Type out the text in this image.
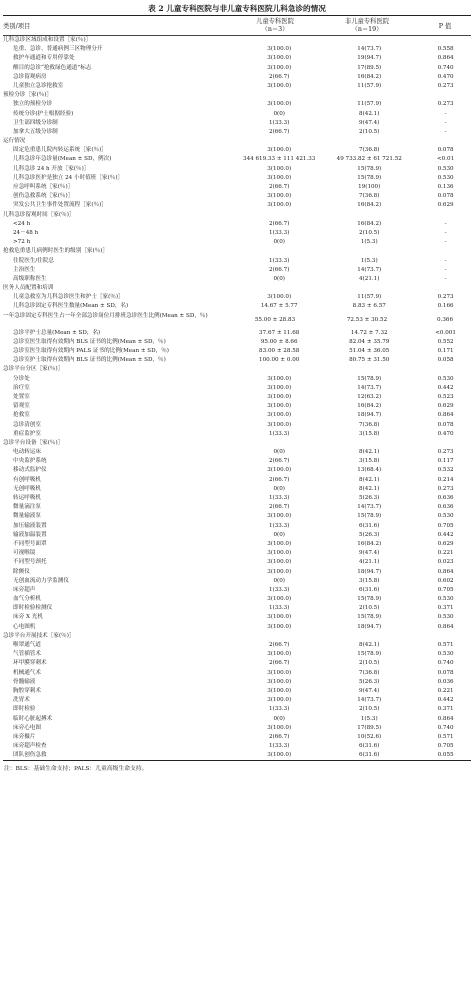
表 2 儿童专科医院与非儿童专科医院儿科急诊的情况
类别/项目
儿童专科医院
（n＝3）
非儿童专科医院
（n＝19）	P 值
儿科急诊区域组成和设置［家(％)］
危重、急诊、普通病例三区物理分开	3(100.0)	14(73.7)	0.558
救护车通道和专用停靠处	3(100.0)	19(94.7)	0.864
醒目的急诊“抢救绿色通道”标志	3(100.0)	17(89.5)	0.740
急诊留观病房	2(66.7)	16(84.2)	0.470
儿童独立急诊抢救室	3(100.0)	11(57.9)	0.273
预检分诊［家(％)］
独立的预检分诊	3(100.0)	11(57.9)	0.273
传统分诊(护士根据经验)	0(0)	8(42.1)	-
卫生部四级分诊制	1(33.3)	9(47.4)	-
加拿大五级分诊制	2(66.7)	2(10.5)	-
运行情况
固定危重患儿院内转运系统［家(％)］	3(100.0)	7(36.8)	0.078
儿科急诊年急诊量(Mean ± SD，例次)	344 619.33 ± 111 421.33	49 733.82 ± 61 721.52	<0.01
儿科急诊 24 h 开放［家(％)］	3(100.0)	15(78.9)	0.530
儿科急诊医护是独立 24 小时值班［家(％)］	3(100.0)	15(78.9)	0.530
应急呼叫系统［家(％)］	2(66.7)	19(100)	0.136
创伤急救系统［家(％)］	3(100.0)	7(36.8)	0.078
突发公共卫生事件处置流程［家(％)］	3(100.0)	16(84.2)	0.629
儿科急诊留观时间［家(％)］
<24 h	2(66.7)	16(84.2)	-
24－48 h	1(33.3)	2(10.5)	-
>72 h	0(0)	1(5.3)	-
抢救危重患儿病例时医生的级别［家(％)］
住院医生/住院总	1(33.3)	1(5.3)	-
主治医生	2(66.7)	14(73.7)	-
高级职称医生	0(0)	4(21.1)	-
医务人员配置和培训
儿童急救室为儿科急诊医生和护士［家(％)］	3(100.0)	11(57.9)	0.273
儿科急诊固定专科医生数量(Mean ± SD，名)	14.67 ± 5.77	8.83 ± 6.57	0.166
一年急诊固定专科医生占一年全部急诊岗位月排班急诊医生比例(Mean ± SD，％)
55.00 ± 28.83	72.53 ± 30.52	0.366
急诊平护士总量(Mean ± SD，名)	37.67 ± 11.68	14.72 ± 7.32	<0.001
急诊室医生取得有效期内 BLS 证书的比例(Mean ± SD，％)	95.00 ± 8.66	82.04 ± 35.79	0.552
急诊室医生取得有效期内 PALS 证书的比例(Mean ± SD，％)	83.00 ± 28.58	51.04 ± 36.05	0.171
急诊室护士取得有效期内 BLS 证书的比例(Mean ± SD，％)	100.00 ± 0.00	80.75 ± 31.50	0.058
急诊平台分区［家(％)］
分诊处	3(100.0)	15(78.9)	0.530
治疗室	3(100.0)	14(73.7)	0.442
处置室	3(100.0)	12(63.2)	0.523
留观室	3(100.0)	16(84.2)	0.629
抢救室	3(100.0)	18(94.7)	0.864
急诊清创室	3(100.0)	7(36.8)	0.078
重症监护室	1(33.3)	3(15.8)	0.470
急诊平台设备［家(％)］
电动转运床	0(0)	8(42.1)	0.273
中央监护系统	2(66.7)	3(15.8)	0.117
移动式监护仪	3(100.0)	13(68.4)	0.532
有创呼吸机	2(66.7)	8(42.1)	0.214
无创呼吸机	0(0)	8(42.1)	0.273
转运呼吸机	1(33.3)	5(26.3)	0.636
微量滴注泵	2(66.7)	14(73.7)	0.636
微量输液泵	3(100.0)	15(78.9)	0.530
加压输液装置	1(33.3)	6(31.6)	0.705
输液加温装置	0(0)	5(26.3)	0.442
不同型号面罩	3(100.0)	16(84.2)	0.629
可视喉镜	3(100.0)	9(47.4)	0.221
不同型号颈托	3(100.0)	4(21.1)	0.023
除颤仪	3(100.0)	18(94.7)	0.864
无创血流动力学监测仪	0(0)	3(15.8)	0.602
床旁超声	1(33.3)	6(31.6)	0.705
血气分析机	3(100.0)	15(78.9)	0.530
即时检验检测仪	1(33.3)	2(10.5)	0.371
床旁 X 光机	3(100.0)	15(78.9)	0.530
心电图机	3(100.0)	18(94.7)	0.864
急诊平台开展技术［家(％)］
喉罩通气道	2(66.7)	8(42.1)	0.571
气管插管术	3(100.0)	15(78.9)	0.530
环甲膜穿刺术	2(66.7)	2(10.5)	0.740
机械通气术	3(100.0)	7(36.8)	0.078
骨髓输液	3(100.0)	5(26.3)	0.036
胸腔穿刺术	3(100.0)	9(47.4)	0.221
洗胃术	3(100.0)	14(73.7)	0.442
即时检验	1(33.3)	2(10.5)	0.371
临时心脏起搏术	0(0)	1(5.3)	0.864
床旁心电图	3(100.0)	17(89.5)	0.740
床旁摄片	2(66.7)	10(52.6)	0.571
床旁超声检查	1(33.3)	6(31.6)	0.705
团队创伤急救	3(100.0)	6(31.6)	0.055
注：BLS：基础生命支持；PALS：儿童高级生命支持。
